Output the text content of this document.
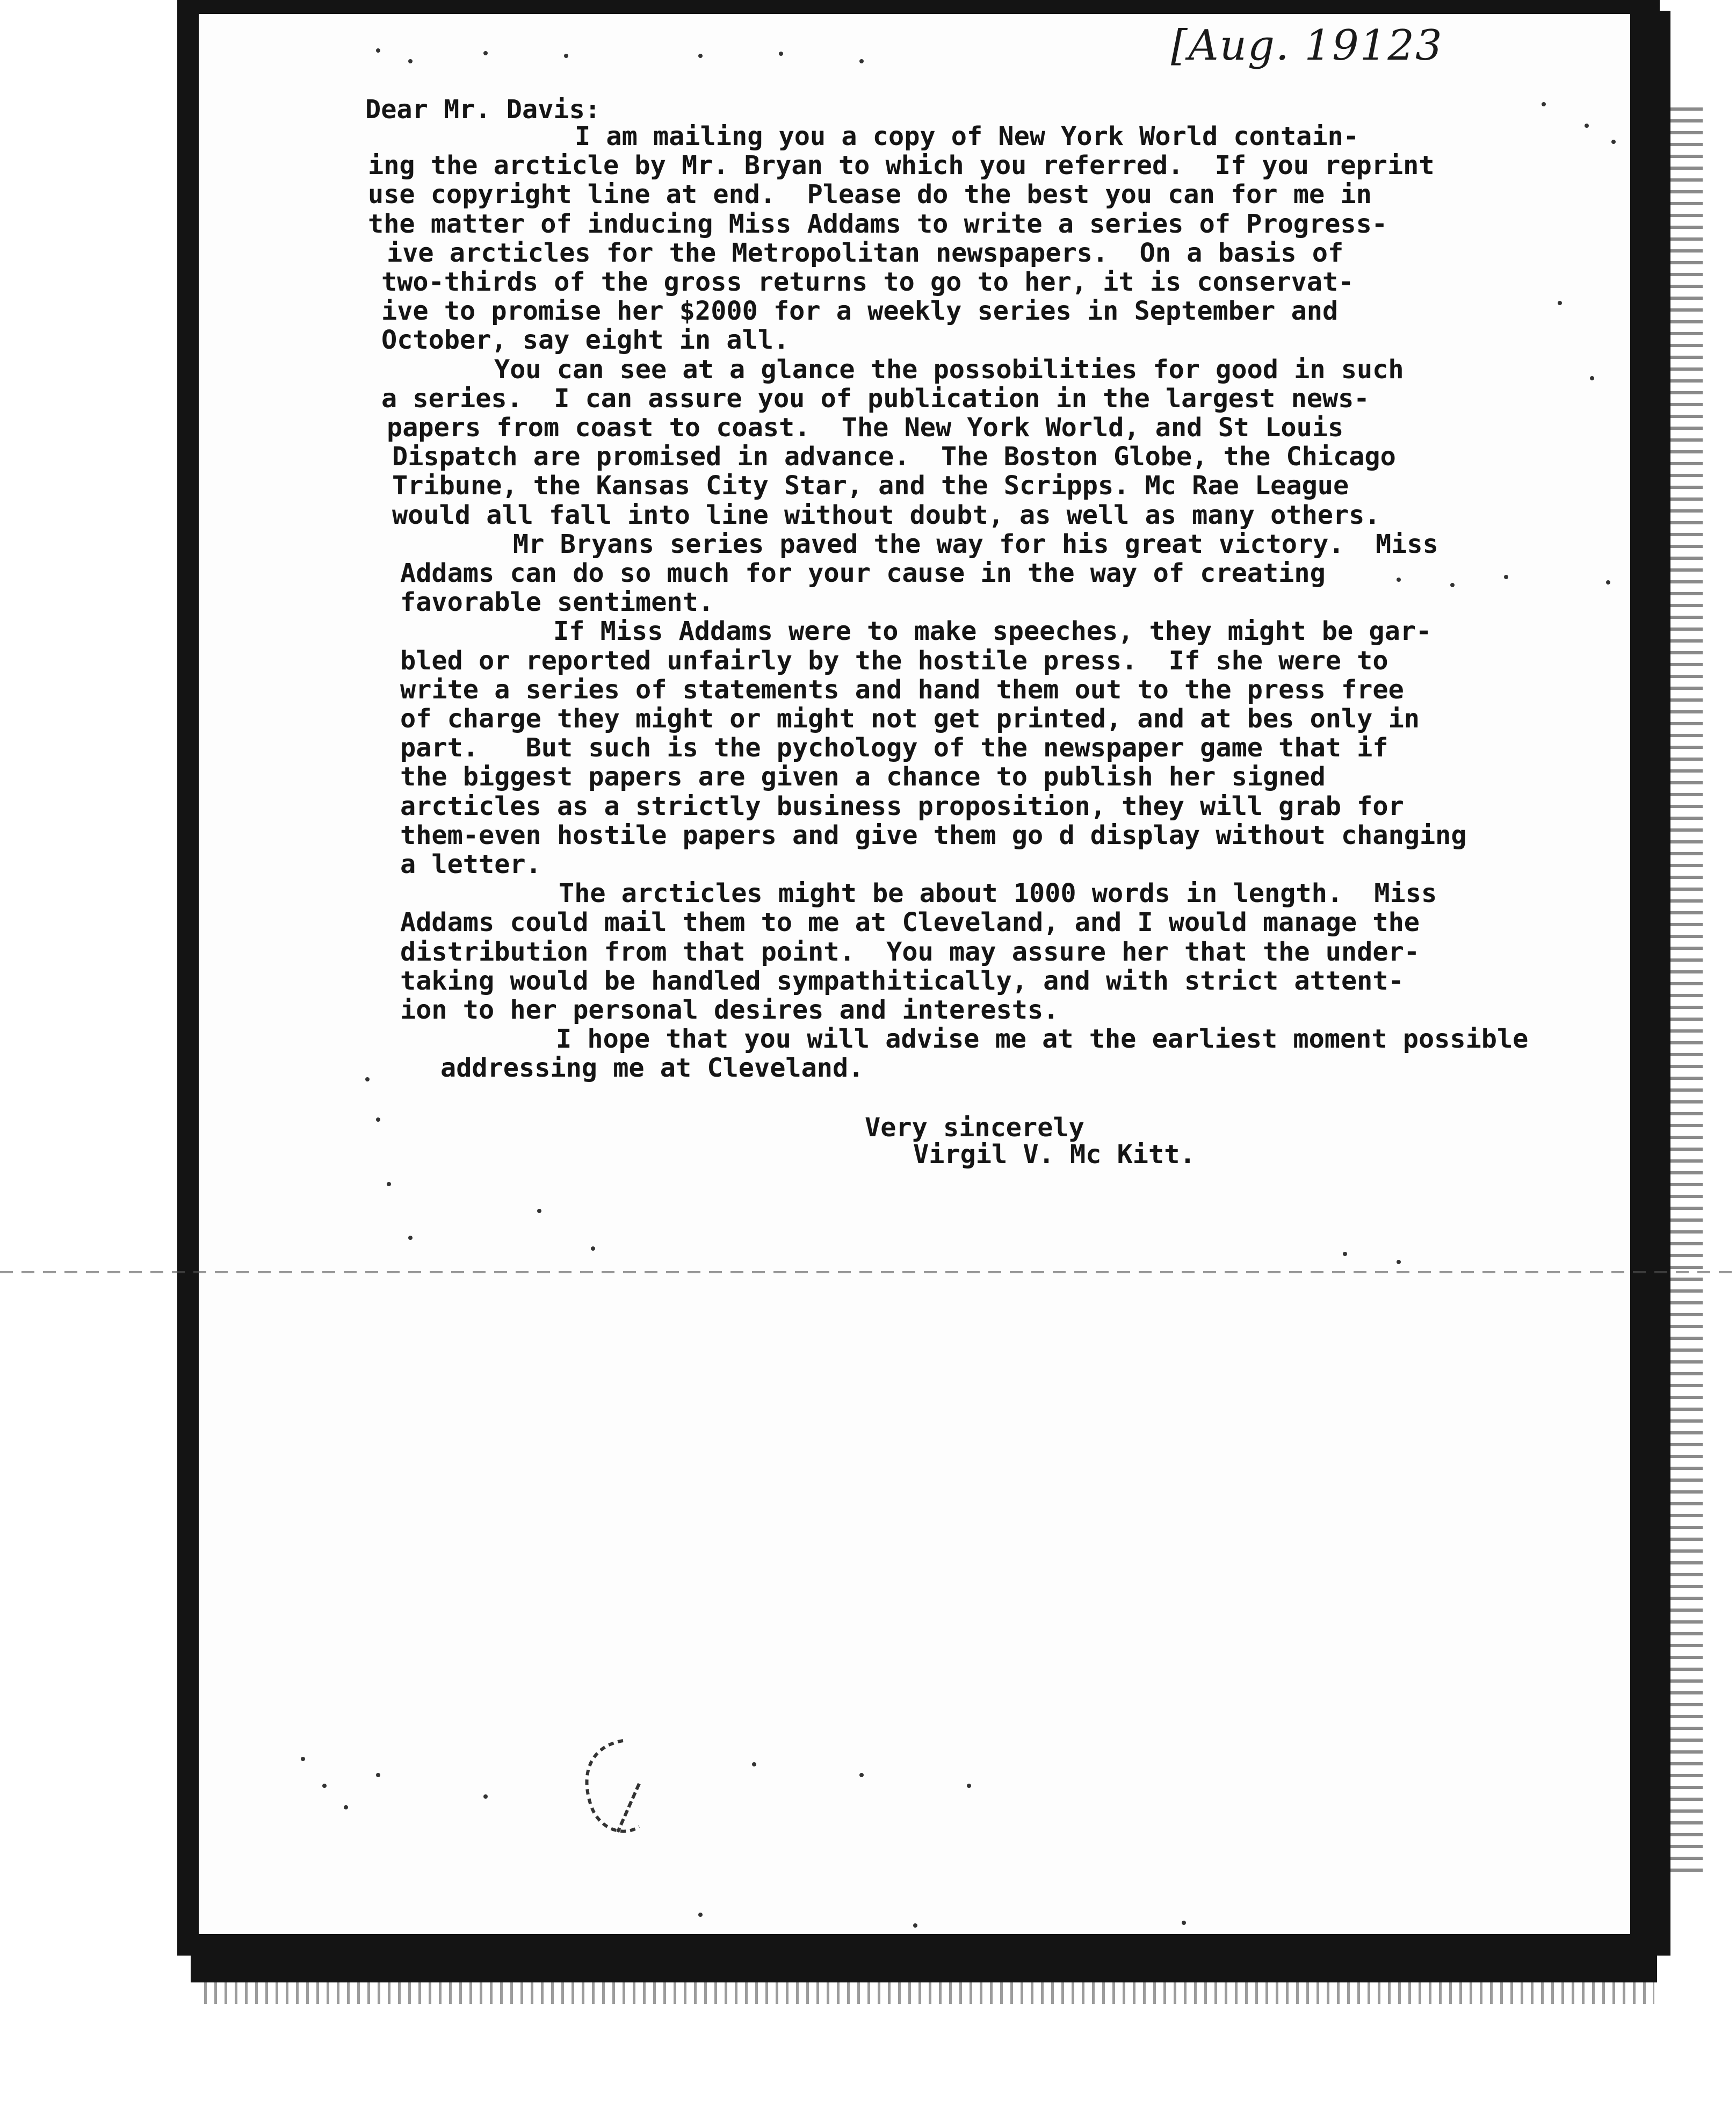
[Aug. 19123

Dear Mr. Davis:

I am mailing you a copy of New York World contain-
ing the arcticle by Mr. Bryan to which you referred.  If you reprint
use copyright line at end.  Please do the best you can for me in
the matter of inducing Miss Addams to write a series of Progress-
ive arcticles for the Metropolitan newspapers.  On a basis of
two-thirds of the gross returns to go to her, it is conservat-
ive to promise her $2000 for a weekly series in September and
October, say eight in all.
You can see at a glance the possobilities for good in such
a series.  I can assure you of publication in the largest news-
papers from coast to coast.  The New York World, and St Louis
Dispatch are promised in advance.  The Boston Globe, the Chicago
Tribune, the Kansas City Star, and the Scripps. Mc Rae League
would all fall into line without doubt, as well as many others.
Mr Bryans series paved the way for his great victory.  Miss
Addams can do so much for your cause in the way of creating
favorable sentiment.
If Miss Addams were to make speeches, they might be gar-
bled or reported unfairly by the hostile press.  If she were to
write a series of statements and hand them out to the press free
of charge they might or might not get printed, and at bes only in
part.   But such is the pychology of the newspaper game that if
the biggest papers are given a chance to publish her signed
arcticles as a strictly business proposition, they will grab for
them-even hostile papers and give them go d display without changing
a letter.
The arcticles might be about 1000 words in length.  Miss
Addams could mail them to me at Cleveland, and I would manage the
distribution from that point.  You may assure her that the under-
taking would be handled sympathitically, and with strict attent-
ion to her personal desires and interests.
I hope that you will advise me at the earliest moment possible
addressing me at Cleveland.
Very sincerely
Virgil V. Mc Kitt.
